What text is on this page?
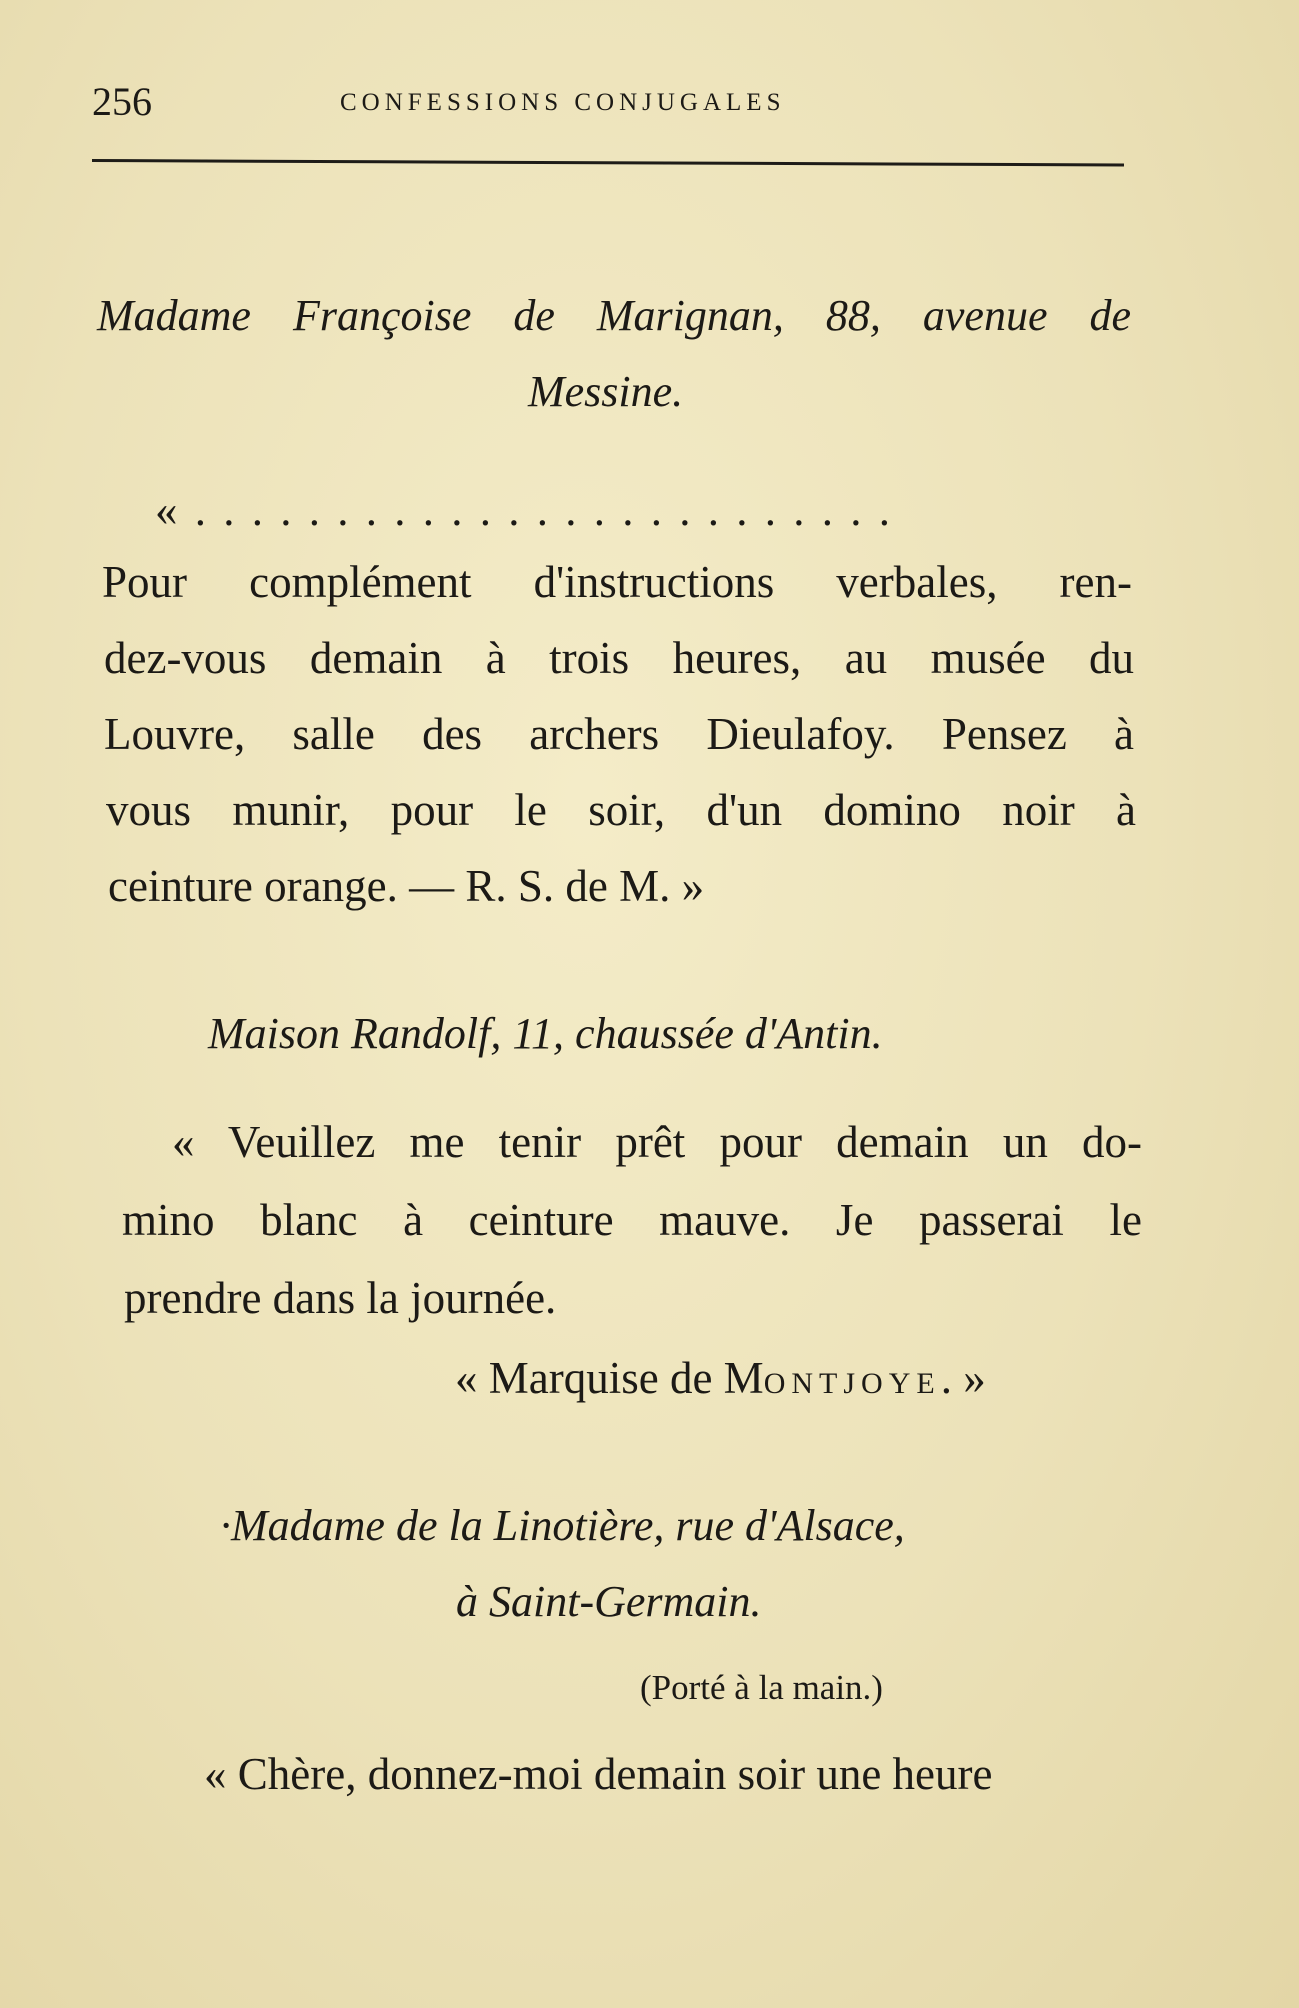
256	CONFESSIONS CONJUGALES
Madame Françoise de Marignan, 88, avenue de
Messine.
« . . . . . . . . . . . . . . . . . . . . . . . . .
Pour complément d'instructions verbales, ren-
dez-vous demain à trois heures, au musée du
Louvre, salle des archers Dieulafoy. Pensez à
vous munir, pour le soir, d'un domino noir à
ceinture orange. — R. S. de M. »
Maison Randolf, 11, chaussée d'Antin.
« Veuillez me tenir prêt pour demain un do-
mino blanc à ceinture mauve. Je passerai le
prendre dans la journée.
« Marquise de MONTJOYE. »
·Madame de la Linotière, rue d'Alsace,
à Saint-Germain.
(Porté à la main.)
« Chère, donnez-moi demain soir une heure
